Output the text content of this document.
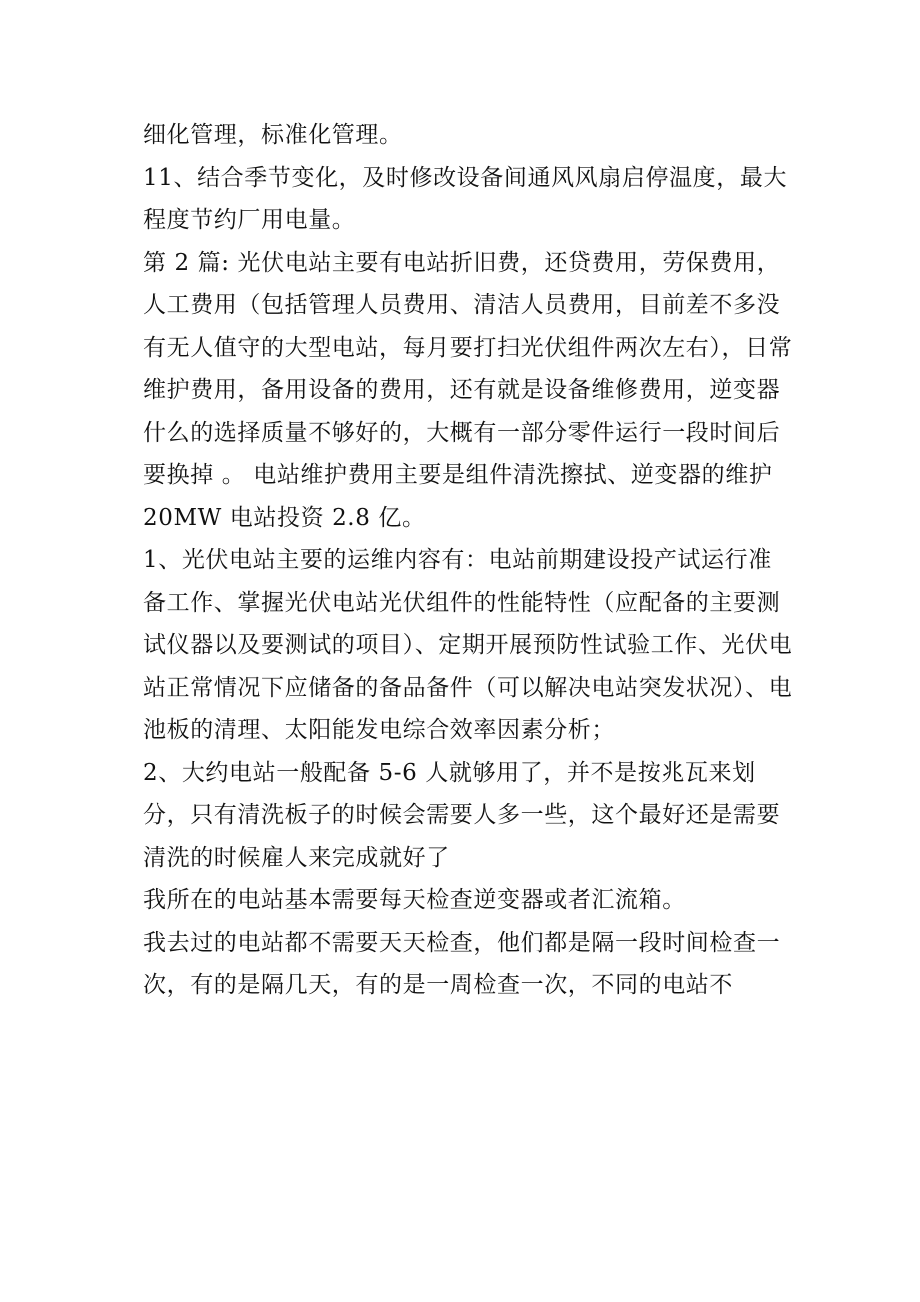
细化管理，标准化管理。

11、结合季节变化，及时修改设备间通风风扇启停温度，最大程度节约厂用电量。

第 2 篇: 光伏电站主要有电站折旧费，还贷费用，劳保费用，人工费用（包括管理人员费用、清洁人员费用，目前差不多没有无人值守的大型电站，每月要打扫光伏组件两次左右），日常维护费用，备用设备的费用，还有就是设备维修费用，逆变器什么的选择质量不够好的，大概有一部分零件运行一段时间后要换掉 。 电站维护费用主要是组件清洗擦拭、逆变器的维护

20MW 电站投资 2.8 亿。

1、光伏电站主要的运维内容有：电站前期建设投产试运行准备工作、掌握光伏电站光伏组件的性能特性（应配备的主要测试仪器以及要测试的项目）、定期开展预防性试验工作、光伏电站正常情况下应储备的备品备件（可以解决电站突发状况）、电池板的清理、太阳能发电综合效率因素分析；

2、大约电站一般配备 5-6 人就够用了，并不是按兆瓦来划分，只有清洗板子的时候会需要人多一些，这个最好还是需要清洗的时候雇人来完成就好了

我所在的电站基本需要每天检查逆变器或者汇流箱。

我去过的电站都不需要天天检查，他们都是隔一段时间检查一次，有的是隔几天，有的是一周检查一次，不同的电站不
